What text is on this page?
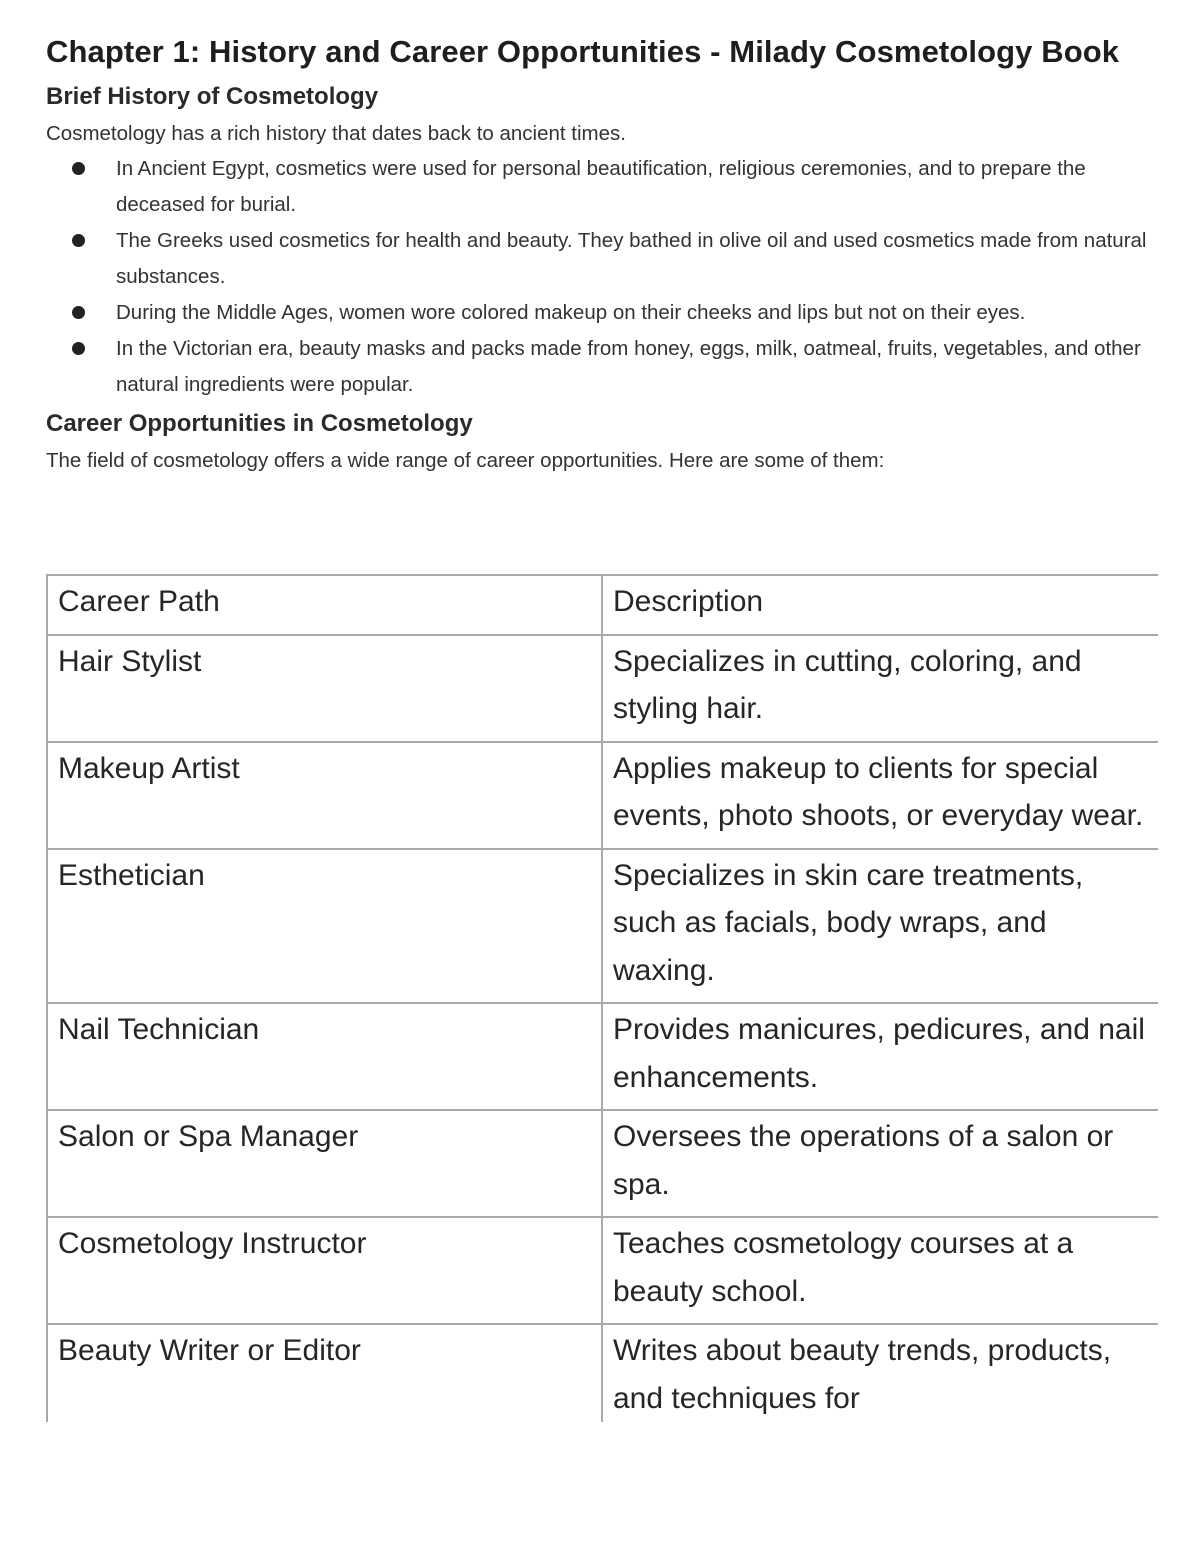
Chapter 1: History and Career Opportunities - Milady Cosmetology Book
Brief History of Cosmetology

Cosmetology has a rich history that dates back to ancient times.

In Ancient Egypt, cosmetics were used for personal beautification, religious ceremonies, and to prepare the deceased for burial.
The Greeks used cosmetics for health and beauty. They bathed in olive oil and used cosmetics made from natural substances.
During the Middle Ages, women wore colored makeup on their cheeks and lips but not on their eyes.
In the Victorian era, beauty masks and packs made from honey, eggs, milk, oatmeal, fruits, vegetables, and other natural ingredients were popular.
Career Opportunities in Cosmetology

The field of cosmetology offers a wide range of career opportunities. Here are some of them:

Career Path	Description
Hair Stylist	Specializes in cutting, coloring, and styling hair.
Makeup Artist	Applies makeup to clients for special events, photo shoots, or everyday wear.
Esthetician	Specializes in skin care treatments, such as facials, body wraps, and waxing.
Nail Technician	Provides manicures, pedicures, and nail enhancements.
Salon or Spa Manager	Oversees the operations of a salon or spa.
Cosmetology Instructor	Teaches cosmetology courses at a beauty school.
Beauty Writer or Editor	Writes about beauty trends, products, and techniques for
